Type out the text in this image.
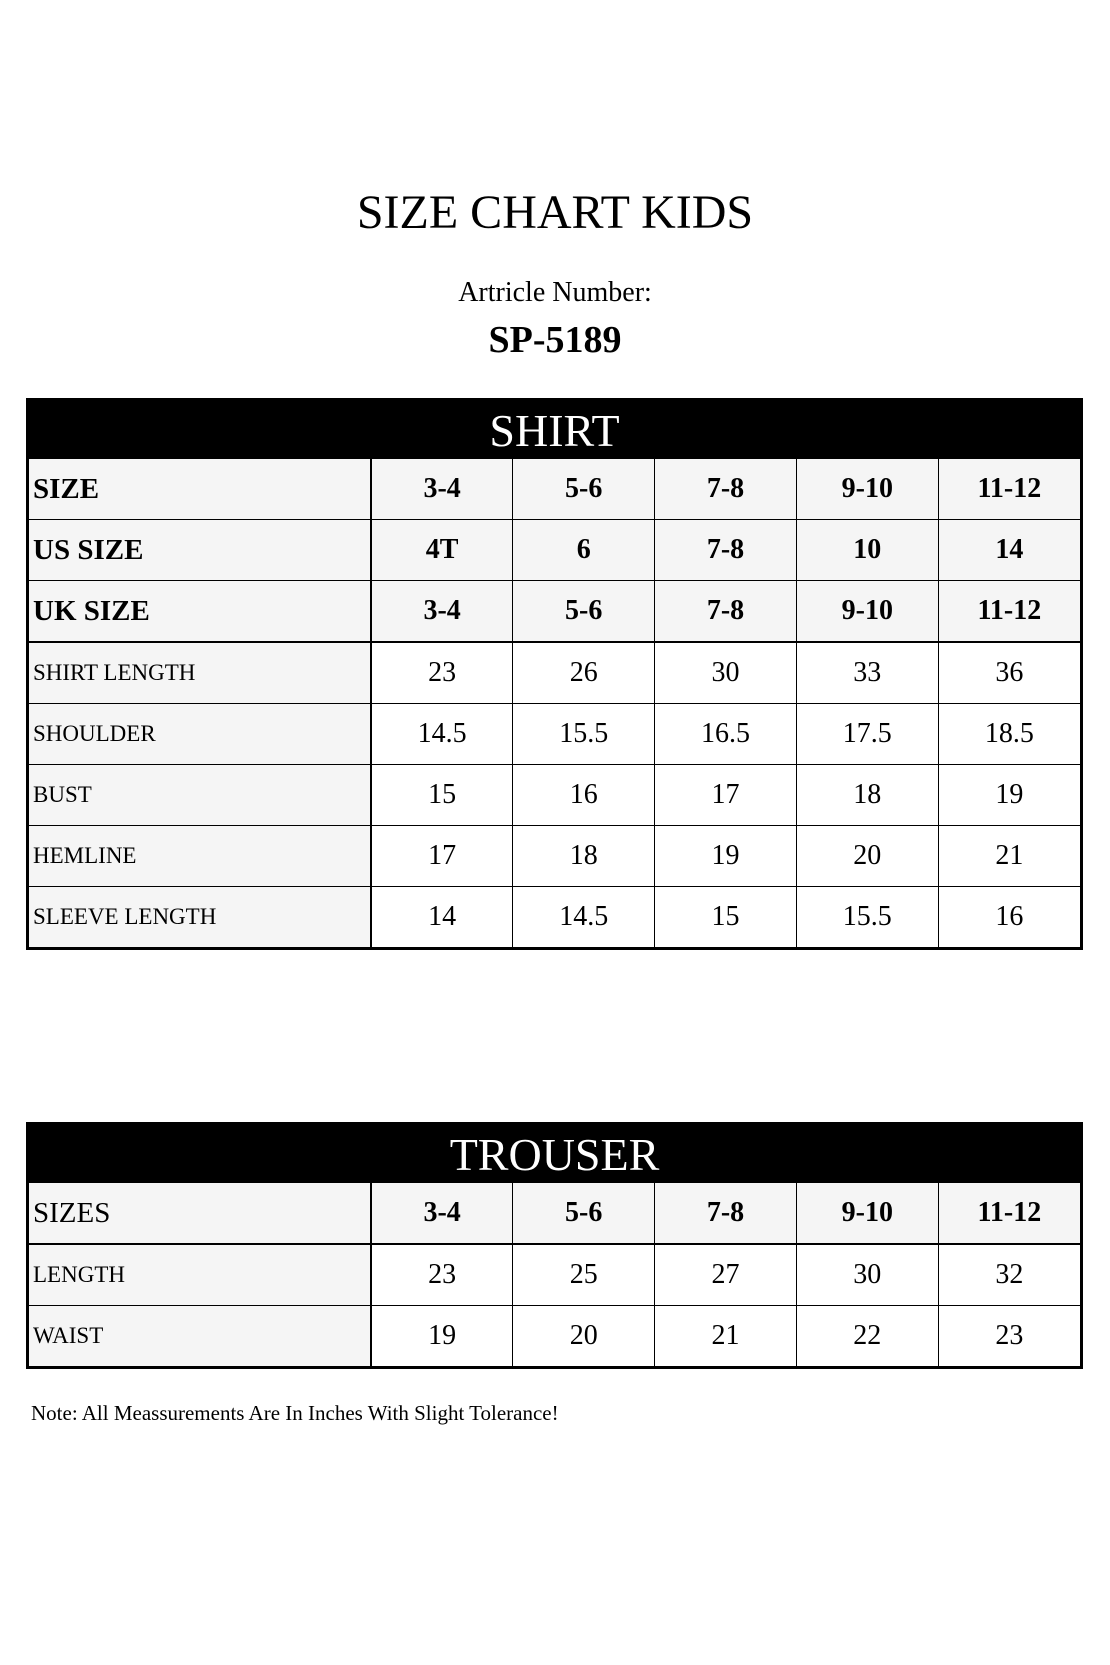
SIZE CHART KIDS
Artricle Number:
SP-5189
SHIRT
SIZE	3-4	5-6	7-8	9-10	11-12
US SIZE	4T	6	7-8	10	14
UK SIZE	3-4	5-6	7-8	9-10	11-12
SHIRT LENGTH	23	26	30	33	36
SHOULDER	14.5	15.5	16.5	17.5	18.5
BUST	15	16	17	18	19
HEMLINE	17	18	19	20	21
SLEEVE LENGTH	14	14.5	15	15.5	16
TROUSER
SIZES	3-4	5-6	7-8	9-10	11-12
LENGTH	23	25	27	30	32
WAIST	19	20	21	22	23
Note: All Meassurements Are In Inches With Slight Tolerance!
